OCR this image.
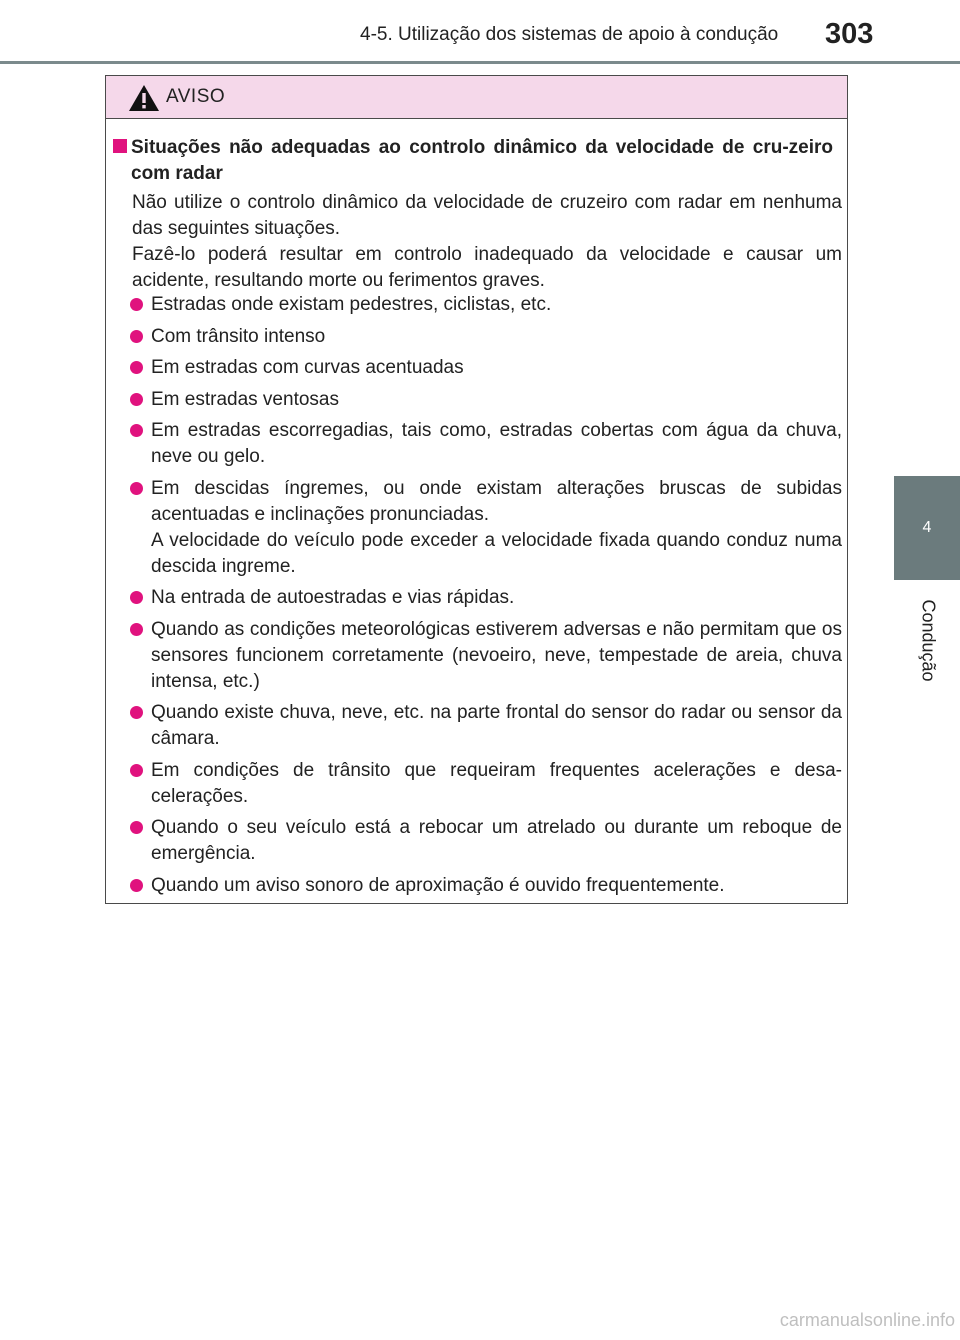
4-5. Utilização dos sistemas de apoio à condução	303
4
Condução
AVISO
Situações não adequadas ao controlo dinâmico da velocidade de cru-zeiro com radar
Não utilize o controlo dinâmico da velocidade de cruzeiro com radar em nenhuma das seguintes situações.
Fazê-lo poderá resultar em controlo inadequado da velocidade e causar um acidente, resultando morte ou ferimentos graves.
Estradas onde existam pedestres, ciclistas, etc.
Com trânsito intenso
Em estradas com curvas acentuadas
Em estradas ventosas
Em estradas escorregadias, tais como, estradas cobertas com água da chuva, neve ou gelo.
Em descidas íngremes, ou onde existam alterações bruscas de subidas acentuadas e inclinações pronunciadas.
A velocidade do veículo pode exceder a velocidade fixada quando conduz numa descida ingreme.
Na entrada de autoestradas e vias rápidas.
Quando as condições meteorológicas estiverem adversas e não permitam que os sensores funcionem corretamente (nevoeiro, neve, tempestade de areia, chuva intensa, etc.)
Quando existe chuva, neve, etc. na parte frontal do sensor do radar ou sensor da câmara.
Em condições de trânsito que requeiram frequentes acelerações e desa-celerações.
Quando o seu veículo está a rebocar um atrelado ou durante um reboque de emergência.
Quando um aviso sonoro de aproximação é ouvido frequentemente.
carmanualsonline.info
